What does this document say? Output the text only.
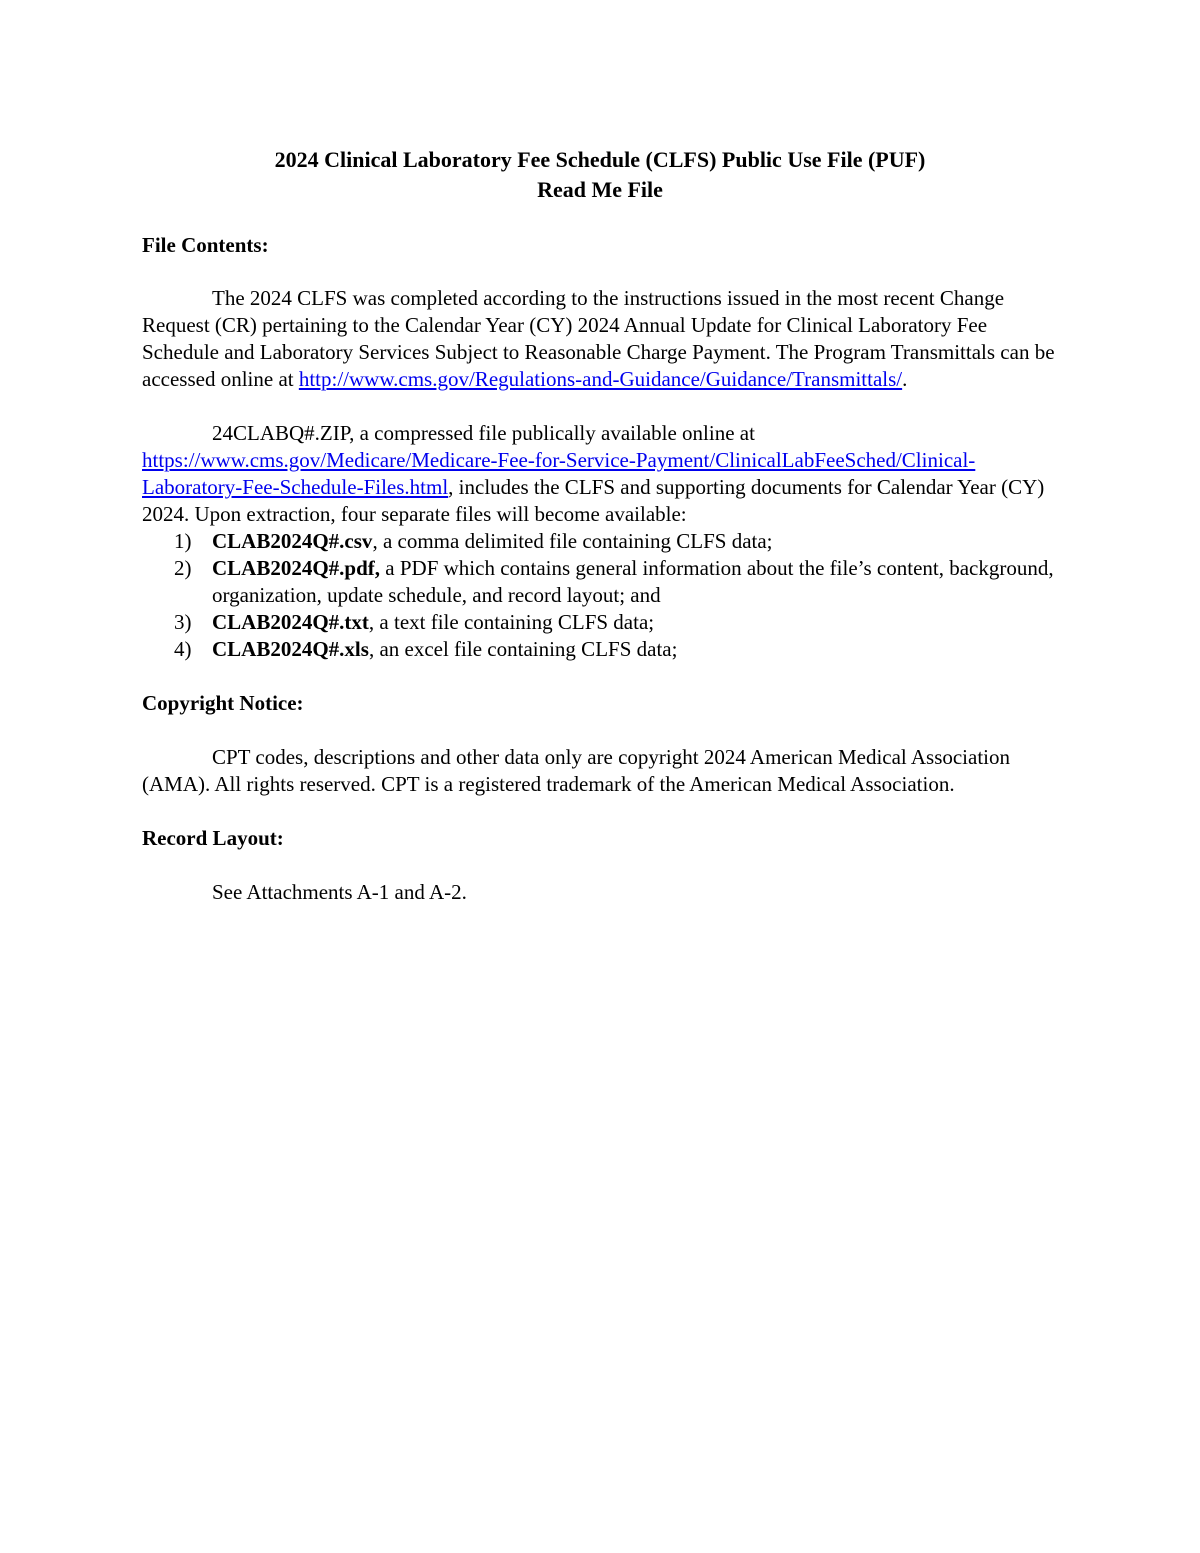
2024 Clinical Laboratory Fee Schedule (CLFS) Public Use File (PUF)
Read Me File

File Contents:

The 2024 CLFS was completed according to the instructions issued in the most recent Change Request (CR) pertaining to the Calendar Year (CY) 2024 Annual Update for Clinical Laboratory Fee Schedule and Laboratory Services Subject to Reasonable Charge Payment. The Program Transmittals can be accessed online at http://www.cms.gov/Regulations-and-Guidance/Guidance/Transmittals/.

24CLABQ#.ZIP, a compressed file publically available online at https://www.cms.gov/Medicare/Medicare-Fee-for-Service-Payment/ClinicalLabFeeSched/Clinical-Laboratory-Fee-Schedule-Files.html, includes the CLFS and supporting documents for Calendar Year (CY) 2024. Upon extraction, four separate files will become available:

1) CLAB2024Q#.csv, a comma delimited file containing CLFS data;
2) CLAB2024Q#.pdf, a PDF which contains general information about the file’s content, background, organization, update schedule, and record layout; and
3) CLAB2024Q#.txt, a text file containing CLFS data;
4) CLAB2024Q#.xls, an excel file containing CLFS data;

Copyright Notice:

CPT codes, descriptions and other data only are copyright 2024 American Medical Association (AMA). All rights reserved. CPT is a registered trademark of the American Medical Association.

Record Layout:

See Attachments A-1 and A-2.
